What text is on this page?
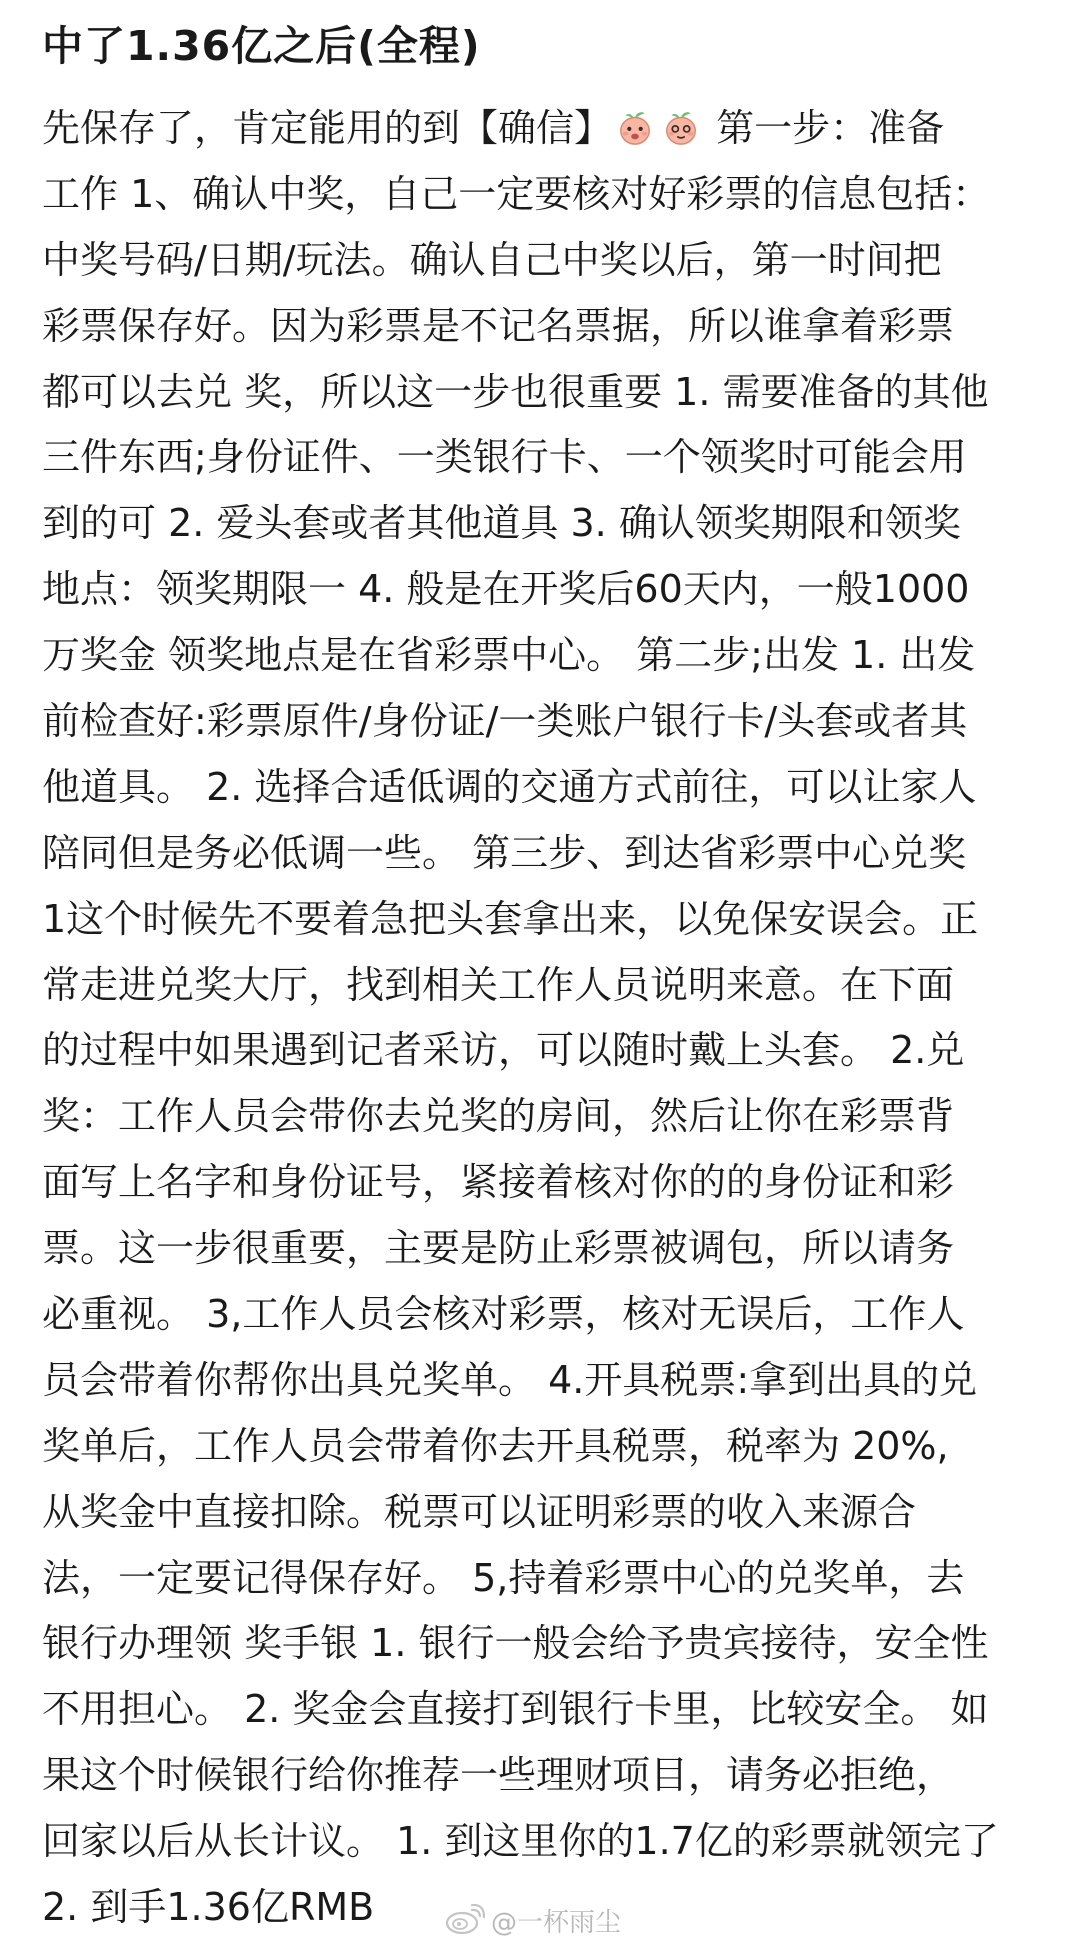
中了1.36亿之后(全程)
先保存了，肯定能用的到【确信】	第一步：准备
工作 1、确认中奖，自己一定要核对好彩票的信息包括：
中奖号码/日期/玩法。确认自己中奖以后，第一时间把
彩票保存好。因为彩票是不记名票据，所以谁拿着彩票
都可以去兑 奖，所以这一步也很重要 1. 需要准备的其他
三件东西;身份证件、一类银行卡、一个领奖时可能会用
到的可 2. 爱头套或者其他道具 3. 确认领奖期限和领奖
地点：领奖期限一 4. 般是在开奖后60天内，一般1000
万奖金 领奖地点是在省彩票中心。 第二步;出发 1. 出发
前检查好:彩票原件/身份证/一类账户银行卡/头套或者其
他道具。 2. 选择合适低调的交通方式前往，可以让家人
陪同但是务必低调一些。 第三步、到达省彩票中心兑奖
1这个时候先不要着急把头套拿出来，以免保安误会。正
常走进兑奖大厅，找到相关工作人员说明来意。在下面
的过程中如果遇到记者采访，可以随时戴上头套。 2.兑
奖：工作人员会带你去兑奖的房间，然后让你在彩票背
面写上名字和身份证号，紧接着核对你的的身份证和彩
票。这一步很重要，主要是防止彩票被调包，所以请务
必重视。 3,工作人员会核对彩票，核对无误后，工作人
员会带着你帮你出具兑奖单。 4.开具税票:拿到出具的兑
奖单后，工作人员会带着你去开具税票，税率为 20%,
从奖金中直接扣除。税票可以证明彩票的收入来源合
法，一定要记得保存好。 5,持着彩票中心的兑奖单，去
银行办理领 奖手银 1. 银行一般会给予贵宾接待，安全性
不用担心。 2. 奖金会直接打到银行卡里，比较安全。 如
果这个时候银行给你推荐一些理财项目，请务必拒绝，
回家以后从长计议。 1. 到这里你的1.7亿的彩票就领完了
2. 到手1.36亿RMB	@一杯雨尘
